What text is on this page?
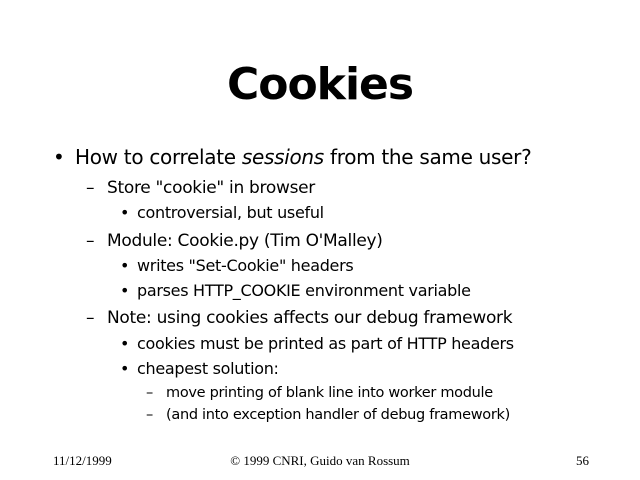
Cookies
• How to correlate sessions from the same user?
– Store "cookie" in browser
• controversial, but useful
– Module: Cookie.py (Tim O'Malley)
• writes "Set-Cookie" headers
• parses HTTP_COOKIE environment variable
– Note: using cookies affects our debug framework
• cookies must be printed as part of HTTP headers
• cheapest solution:
– move printing of blank line into worker module
– (and into exception handler of debug framework)
11/12/1999	© 1999 CNRI, Guido van Rossum	56
